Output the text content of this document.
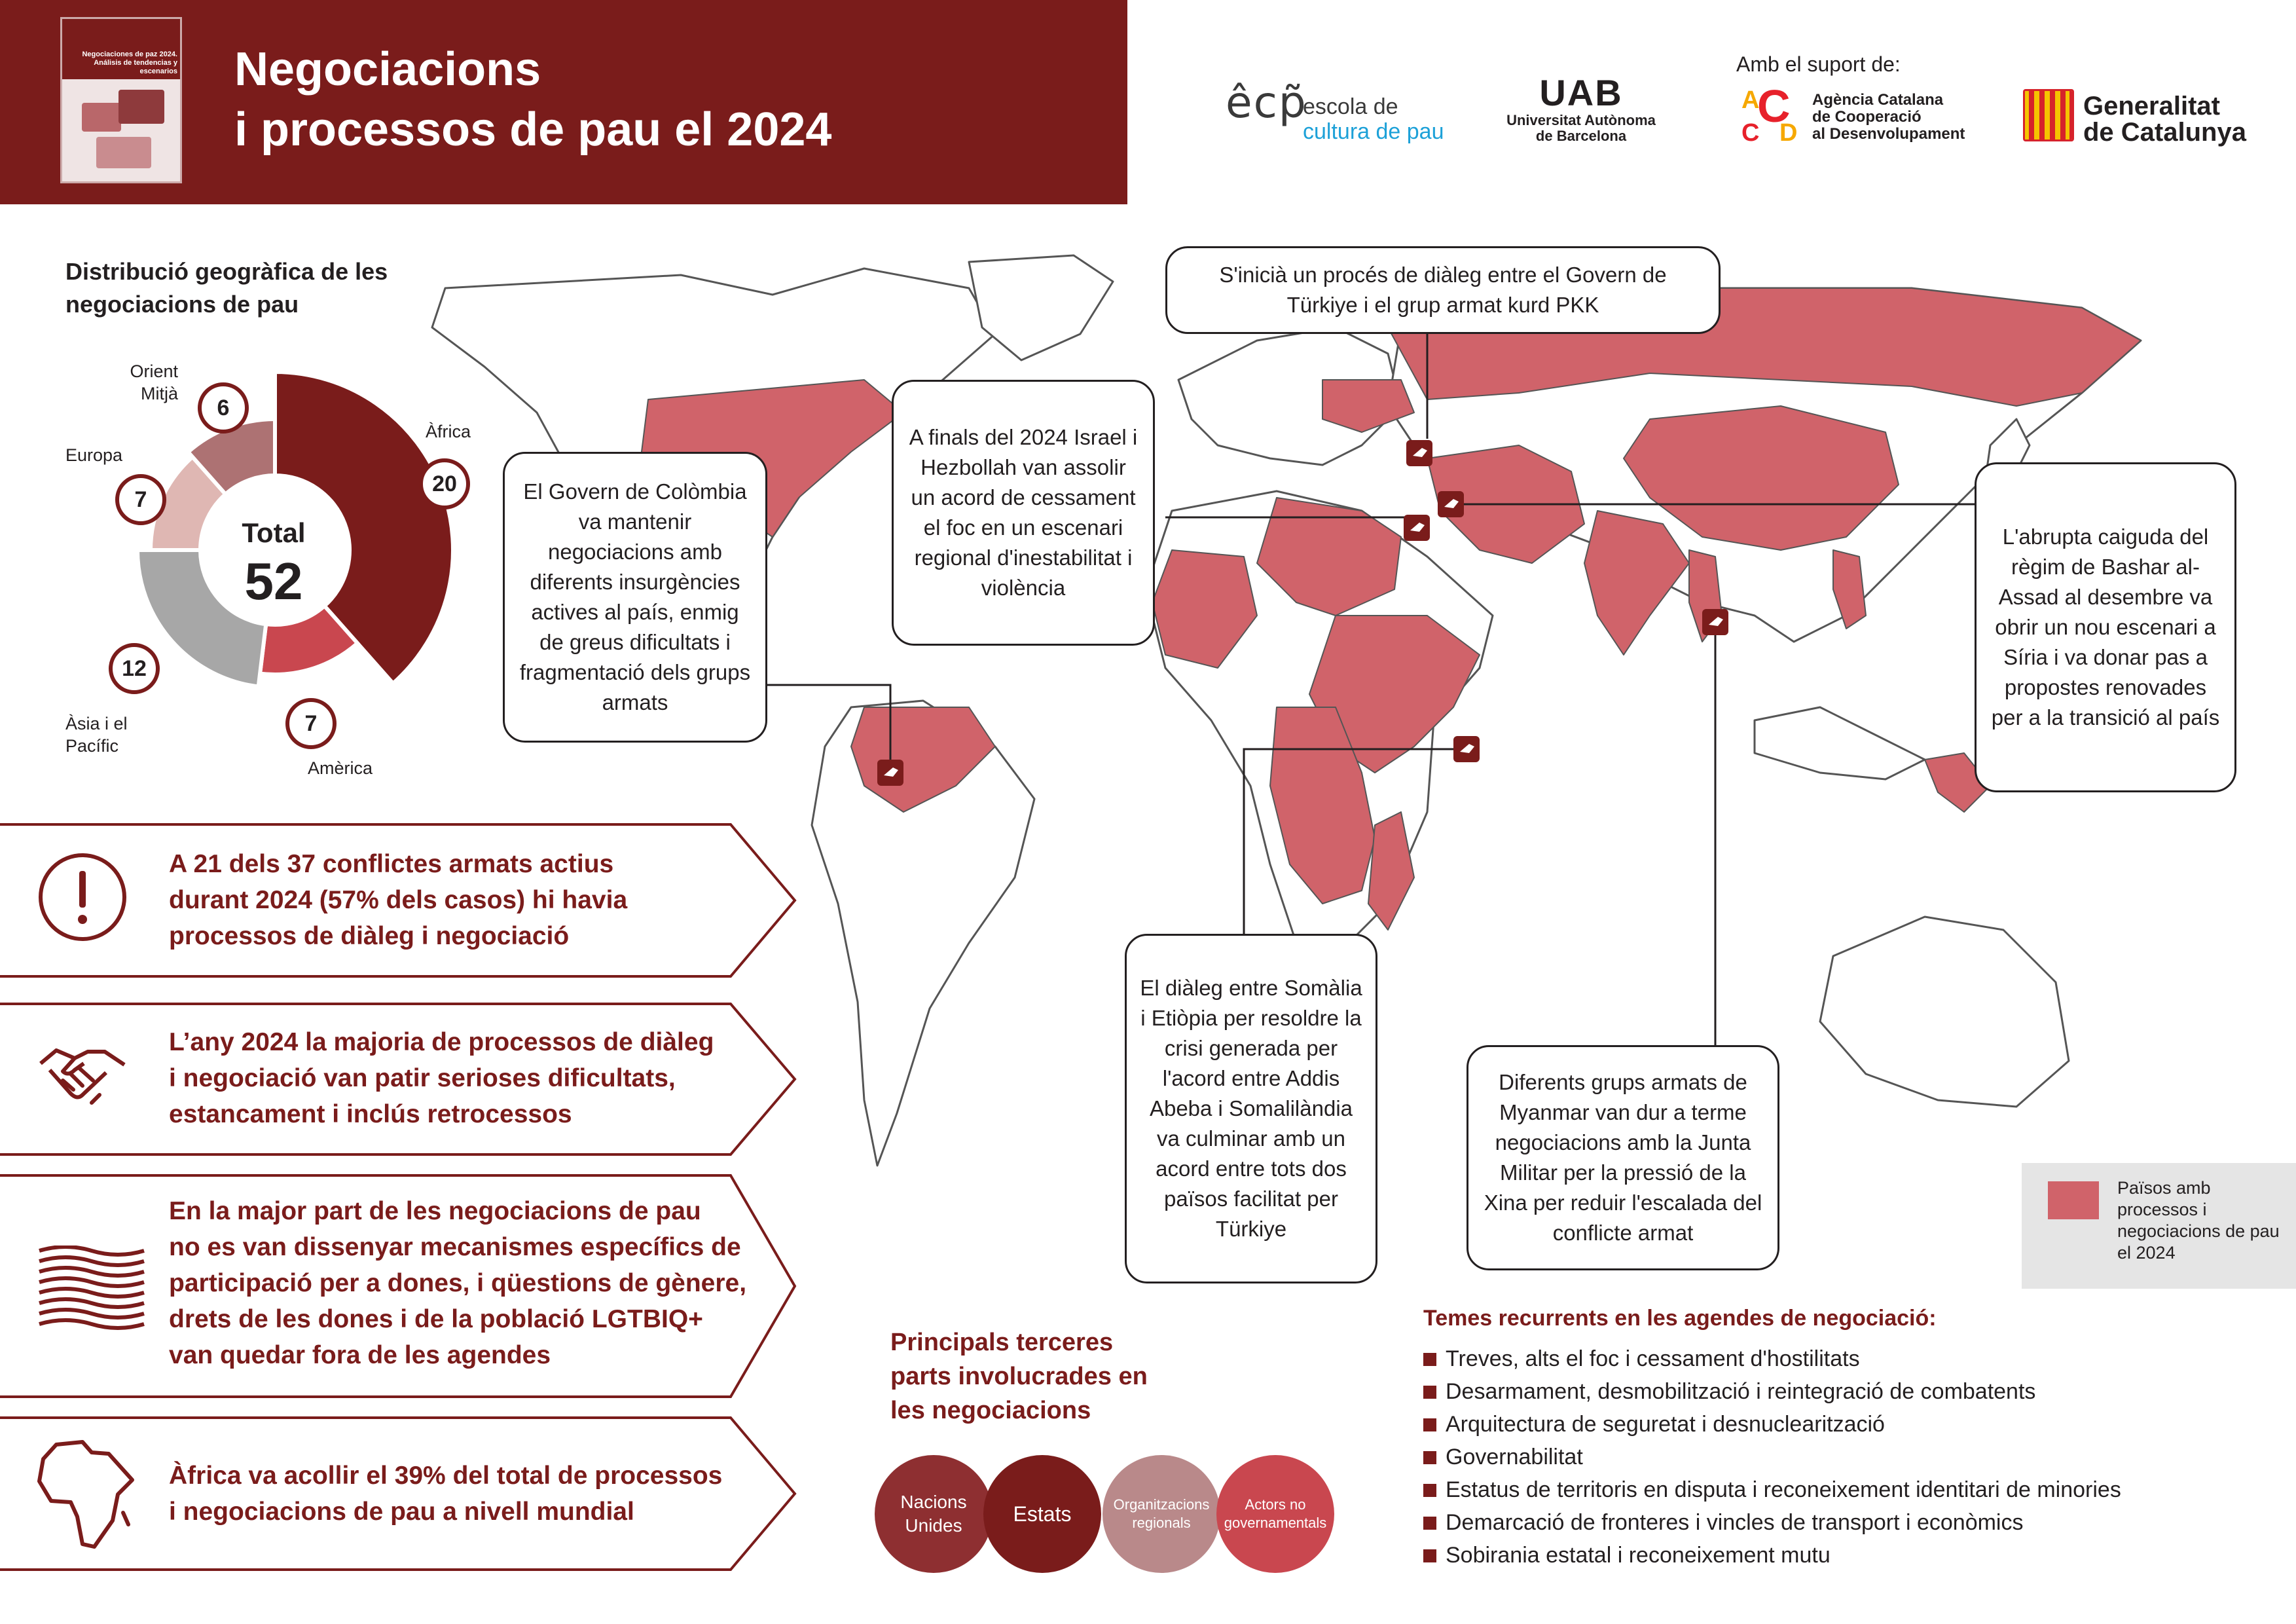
Negociaciones de paz 2024. Análisis de tendencias y escenarios Negociacions
i processos de pau el 2024
êcp̃
escola de
cultura de pau
UAB
Universitat Autònoma
de Barcelona
Amb el suport de:
A
C
C D
Agència Catalana
de Cooperació
al Desenvolupament
Generalitat
de Catalunya
Distribució geogràfica de les negociacions de pau
Total
52
Àfrica
Amèrica
Àsia i el
Pacífic
Europa
Orient
Mitjà
20
7
12
7
6
A 21 dels 37 conflictes armats actius
durant 2024 (57% dels casos) hi havia
processos de diàleg i negociació
L’any 2024 la majoria de processos de diàleg
i negociació van patir serioses dificultats,
estancament i inclús retrocessos
En la major part de les negociacions de pau
no es van dissenyar mecanismes específics de
participació per a dones, i qüestions de gènere,
drets de les dones i de la població LGTBIQ+
van quedar fora de les agendes
Àfrica va acollir el 39% del total de processos
i negociacions de pau a nivell mundial
S'inicià un procés de diàleg entre el Govern de Türkiye i el grup armat kurd PKK
A finals del 2024 Israel i Hezbollah van assolir un acord de cessament el foc en un escenari regional d'inestabilitat i violència
El Govern de Colòmbia va mantenir negociacions amb diferents insurgències actives al país, enmig de greus dificultats i fragmentació dels grups armats
L'abrupta caiguda del règim de Bashar al-Assad al desembre va obrir un nou escenari a Síria i va donar pas a propostes renovades per a la transició al país
El diàleg entre Somàlia i Etiòpia per resoldre la crisi generada per l'acord entre Addis Abeba i Somalilàndia va culminar amb un acord entre tots dos països facilitat per Türkiye
Diferents grups armats de Myanmar van dur a terme negociacions amb la Junta Militar per la pressió de la Xina per reduir l'escalada del conflicte armat
Països amb processos i negociacions de pau el 2024
Principals terceres parts involucrades en les negociacions
Nacions Unides	Estats	Organitzacions regionals
Actors no governamentals
Temes recurrents en les agendes de negociació:
Treves, alts el foc i cessament d'hostilitats
Desarmament, desmobilització i reintegració de combatents
Arquitectura de seguretat i desnuclearització
Governabilitat
Estatus de territoris en disputa i reconeixement identitari de minories
Demarcació de fronteres i vincles de transport i econòmics
Sobirania estatal i reconeixement mutu
